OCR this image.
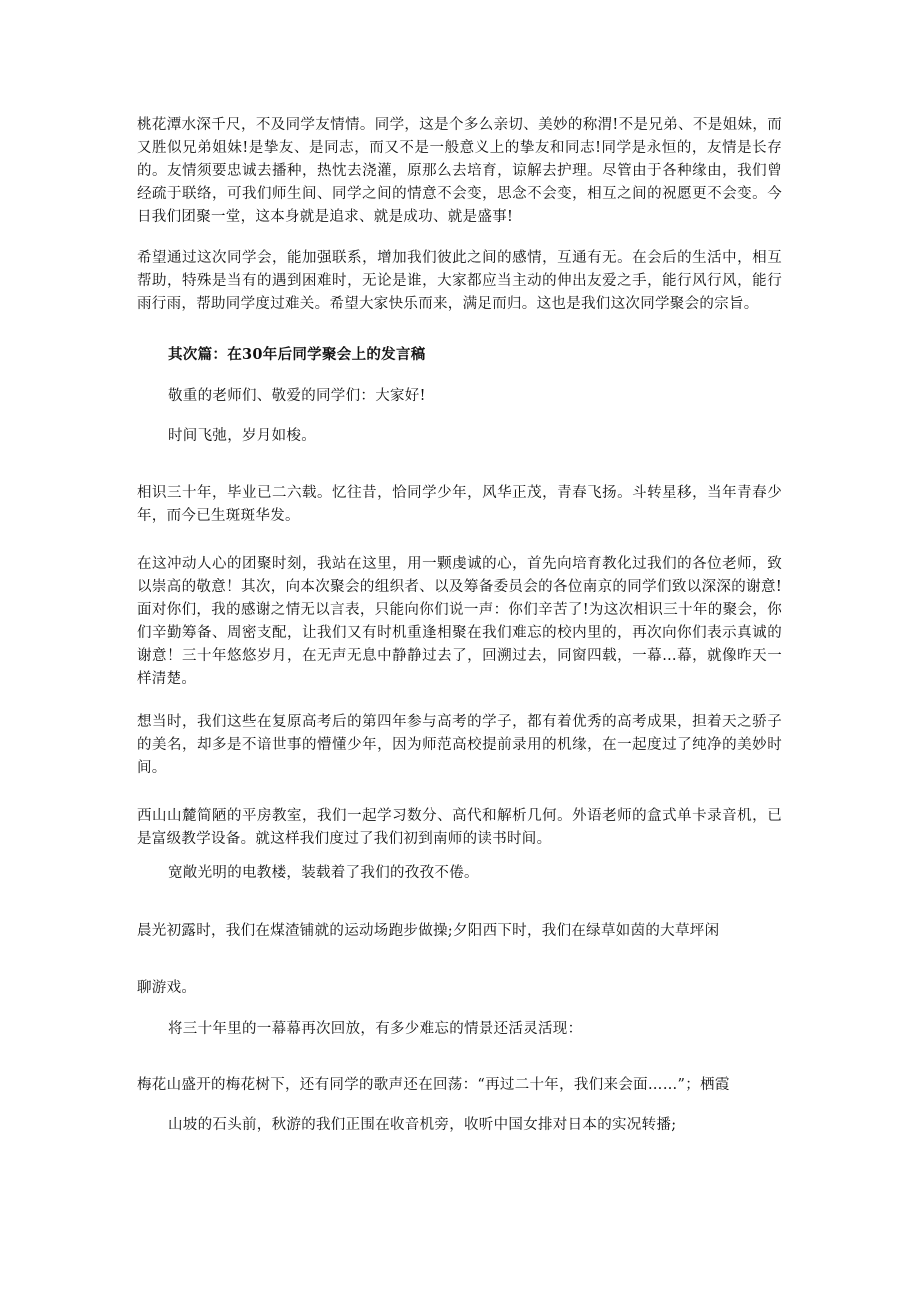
桃花潭水深千尺，不及同学友情情。同学，这是个多么亲切、美妙的称渭!不是兄弟、不是姐妹，而又胜似兄弟姐妹!是挚友、是同志，而又不是一般意义上的挚友和同志!同学是永恒的，友情是长存的。友情须要忠诚去播种，热忱去浇灌，原那么去培育，谅解去护理。尽管由于各种缘由，我们曾经疏于联络，可我们师生间、同学之间的情意不会变，思念不会变，相互之间的祝愿更不会变。今日我们团聚一堂，这本身就是追求、就是成功、就是盛事!

希望通过这次同学会，能加强联系，增加我们彼此之间的感情，互通有无。在会后的生活中，相互帮助，特殊是当有的遇到困难时，无论是谁，大家都应当主动的伸出友爱之手，能行风行风，能行雨行雨，帮助同学度过难关。希望大家快乐而来，满足而归。这也是我们这次同学聚会的宗旨。

其次篇：在30年后同学聚会上的发言稿

敬重的老师们、敬爱的同学们：大家好!

时间飞弛，岁月如梭。

相识三十年，毕业已二六载。忆往昔，恰同学少年，风华正茂，青春飞扬。斗转星移，当年青春少年，而今已生斑斑华发。

在这冲动人心的团聚时刻，我站在这里，用一颗虔诚的心，首先向培育教化过我们的各位老师，致以崇高的敬意！其次，向本次聚会的组织者、以及筹备委员会的各位南京的同学们致以深深的谢意!面对你们，我的感谢之情无以言表，只能向你们说一声：你们辛苦了!为这次相识三十年的聚会，你们辛勤筹备、周密支配，让我们又有时机重逢相聚在我们难忘的校内里的，再次向你们表示真诚的谢意！三十年悠悠岁月，在无声无息中静静过去了，回溯过去，同窗四载，一幕…幕，就像昨天一样清楚。

想当时，我们这些在复原高考后的第四年参与高考的学子，都有着优秀的高考成果，担着天之骄子的美名，却多是不谙世事的懵懂少年，因为师范高校提前录用的机缘，在一起度过了纯净的美妙时间。

西山山麓简陋的平房教室，我们一起学习数分、高代和解析几何。外语老师的盒式单卡录音机，已是富级教学设备。就这样我们度过了我们初到南师的读书时间。

宽敞光明的电教楼，装载着了我们的孜孜不倦。

晨光初露时，我们在煤渣铺就的运动场跑步做操;夕阳西下时，我们在绿草如茵的大草坪闲

聊游戏。

将三十年里的一幕幕再次回放，有多少难忘的情景还活灵活现：

梅花山盛开的梅花树下，还有同学的歌声还在回荡：“再过二十年，我们来会面……”；栖霞

山坡的石头前，秋游的我们正围在收音机旁，收听中国女排对日本的实况转播;
